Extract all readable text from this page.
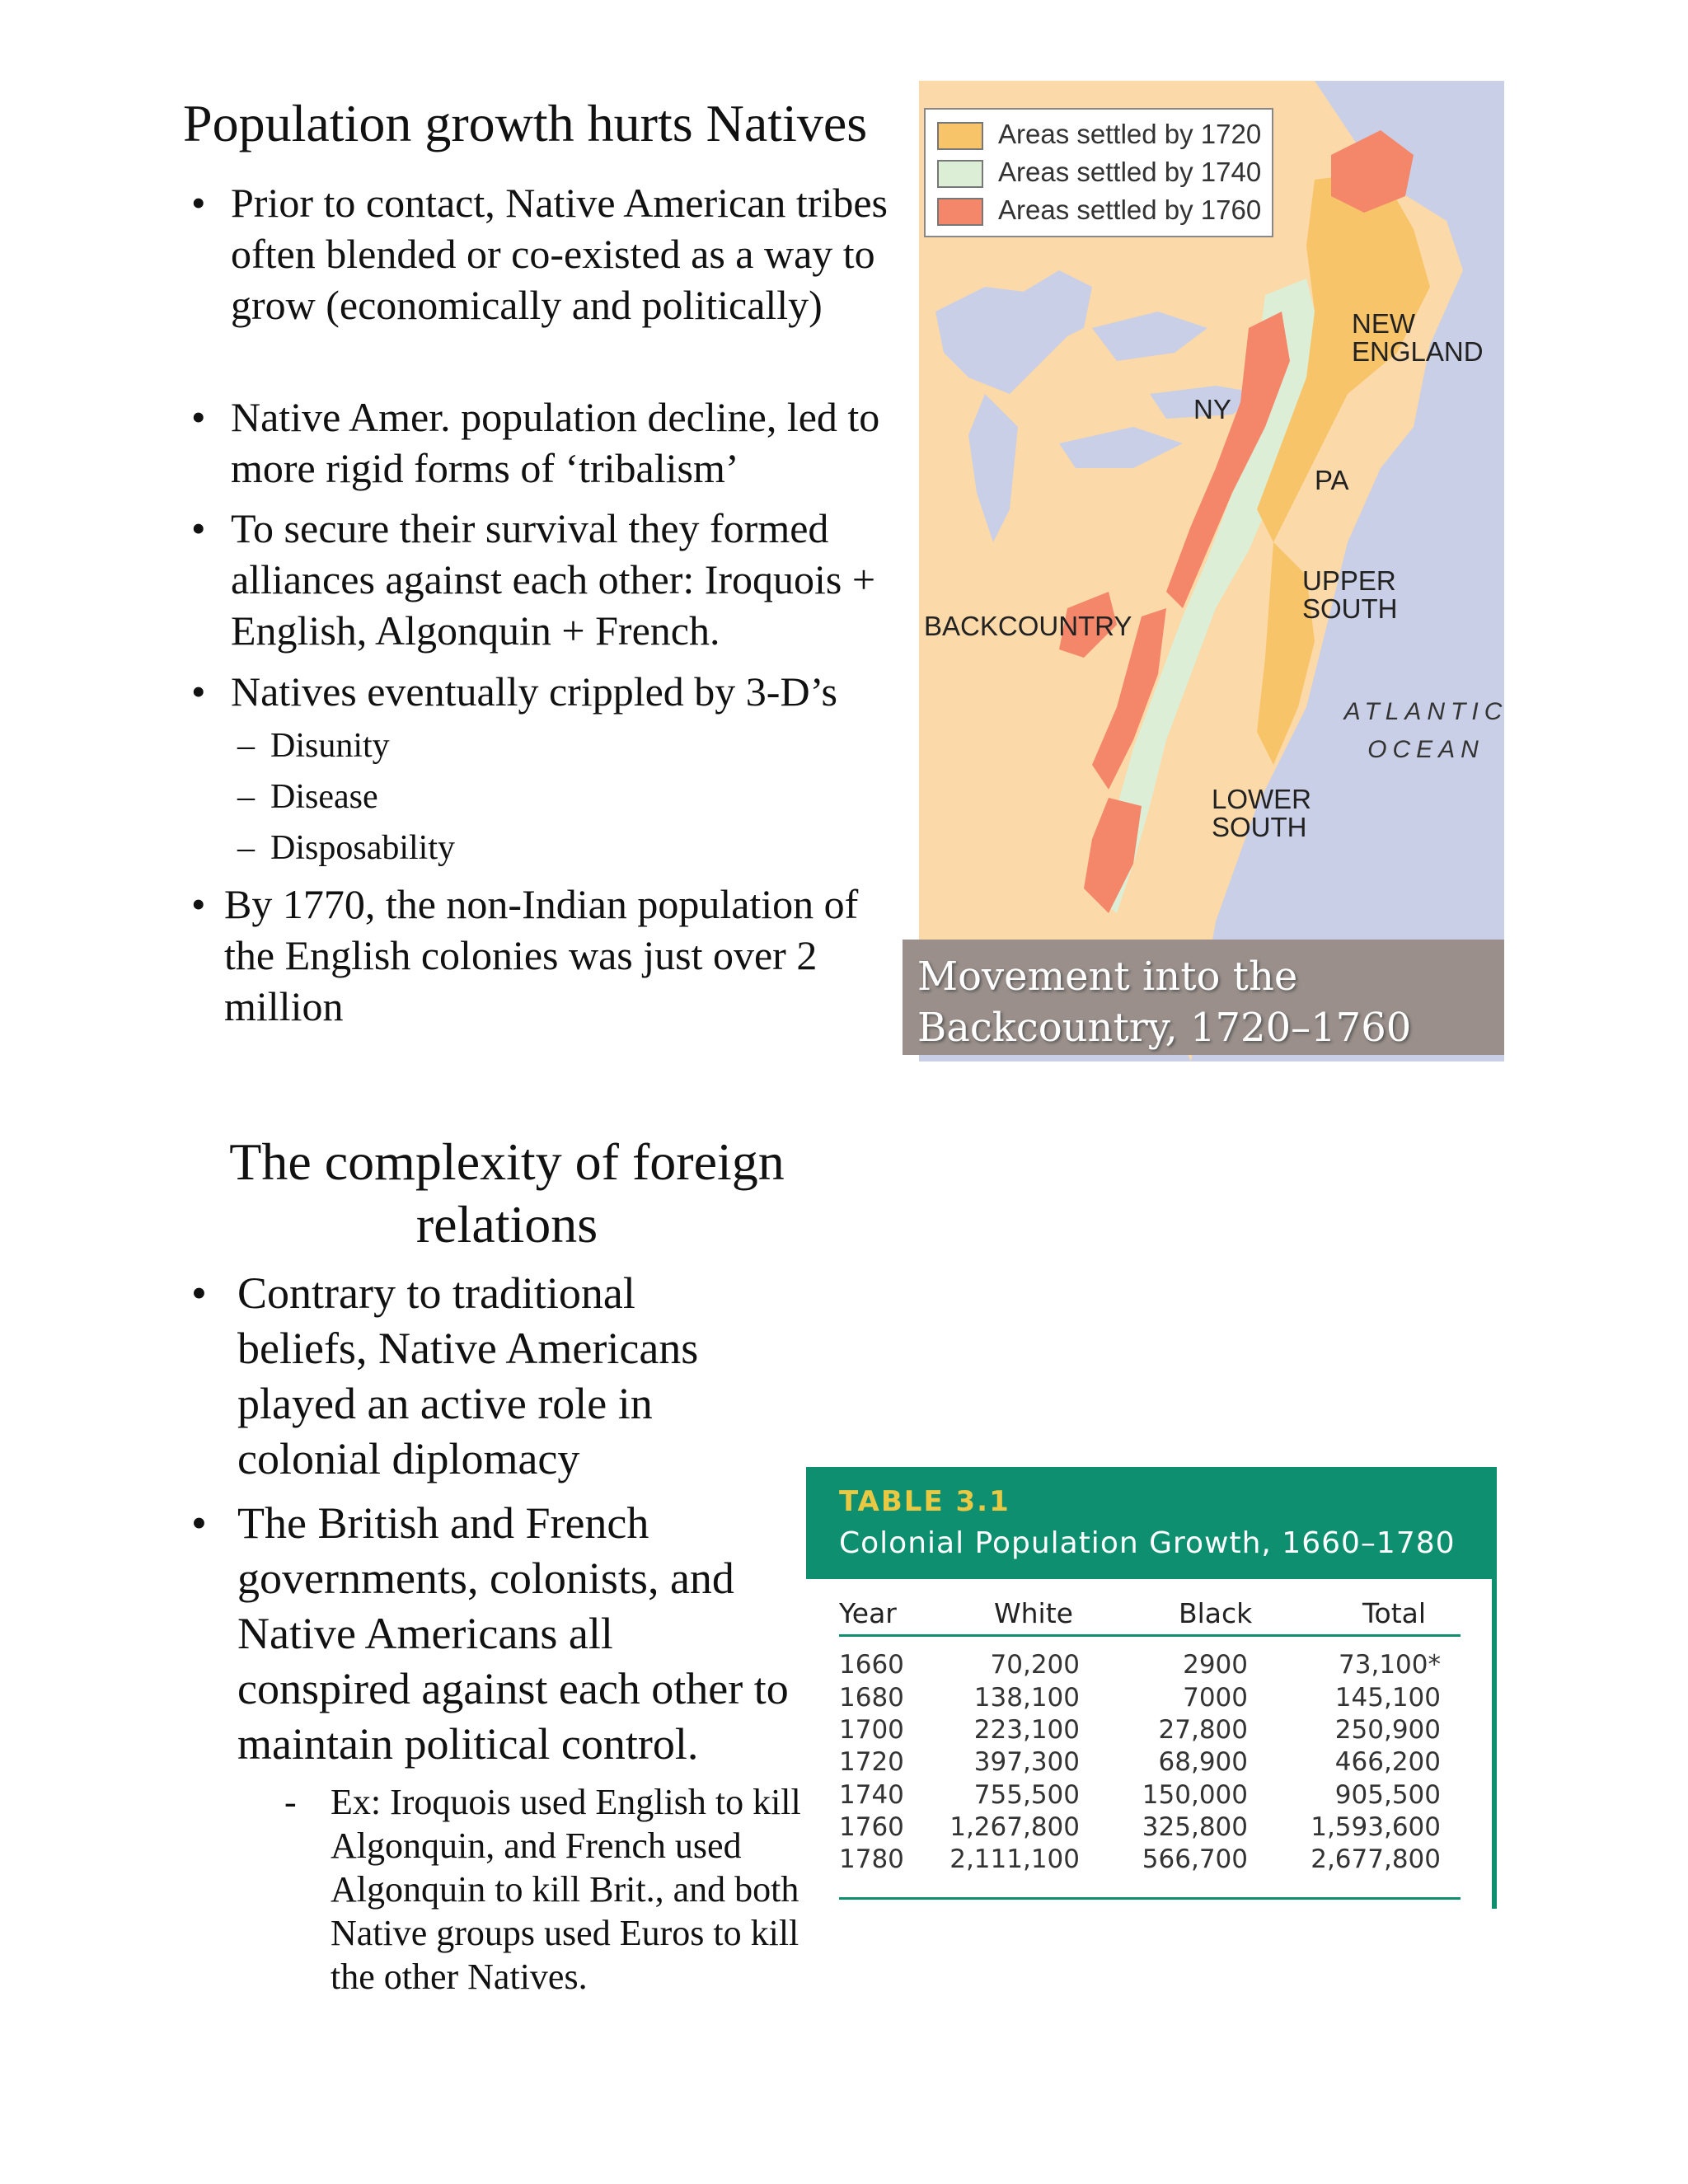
Population growth hurts Natives
• Prior to contact, Native American tribes often blended or co-existed as a way to grow (economically and politically)
• Native Amer. population decline, led to more rigid forms of ‘tribalism’
• To secure their survival they formed alliances against each other: Iroquois + English, Algonquin + French.
• Natives eventually crippled by 3-D’s
– Disunity
– Disease
– Disposability
• By 1770, the non-Indian population of the English colonies was just over 2 million
Areas settled by 1720
Areas settled by 1740
Areas settled by 1760
NEW
ENGLAND
NY
PA
UPPER
SOUTH
BACKCOUNTRY
ATLANTIC
OCEAN
LOWER
SOUTH
Movement into the
Backcountry, 1720–1760
The complexity of foreign
relations
• Contrary to traditional beliefs, Native Americans played an active role in colonial diplomacy
• The British and French governments, colonists, and Native Americans all conspired against each other to maintain political control.
- Ex: Iroquois used English to kill Algonquin, and French used Algonquin to kill Brit., and both Native groups used Euros to kill the other Natives.
TABLE 3.1
Colonial Population Growth, 1660–1780
Year	White	Black	Total
1660	70,200	2900	73,100*
1680	138,100	7000	145,100
1700	223,100	27,800	250,900
1720	397,300	68,900	466,200
1740	755,500 150,000	905,500
1760 1,267,800 325,800 1,593,600
1780 2,111,100 566,700 2,677,800
